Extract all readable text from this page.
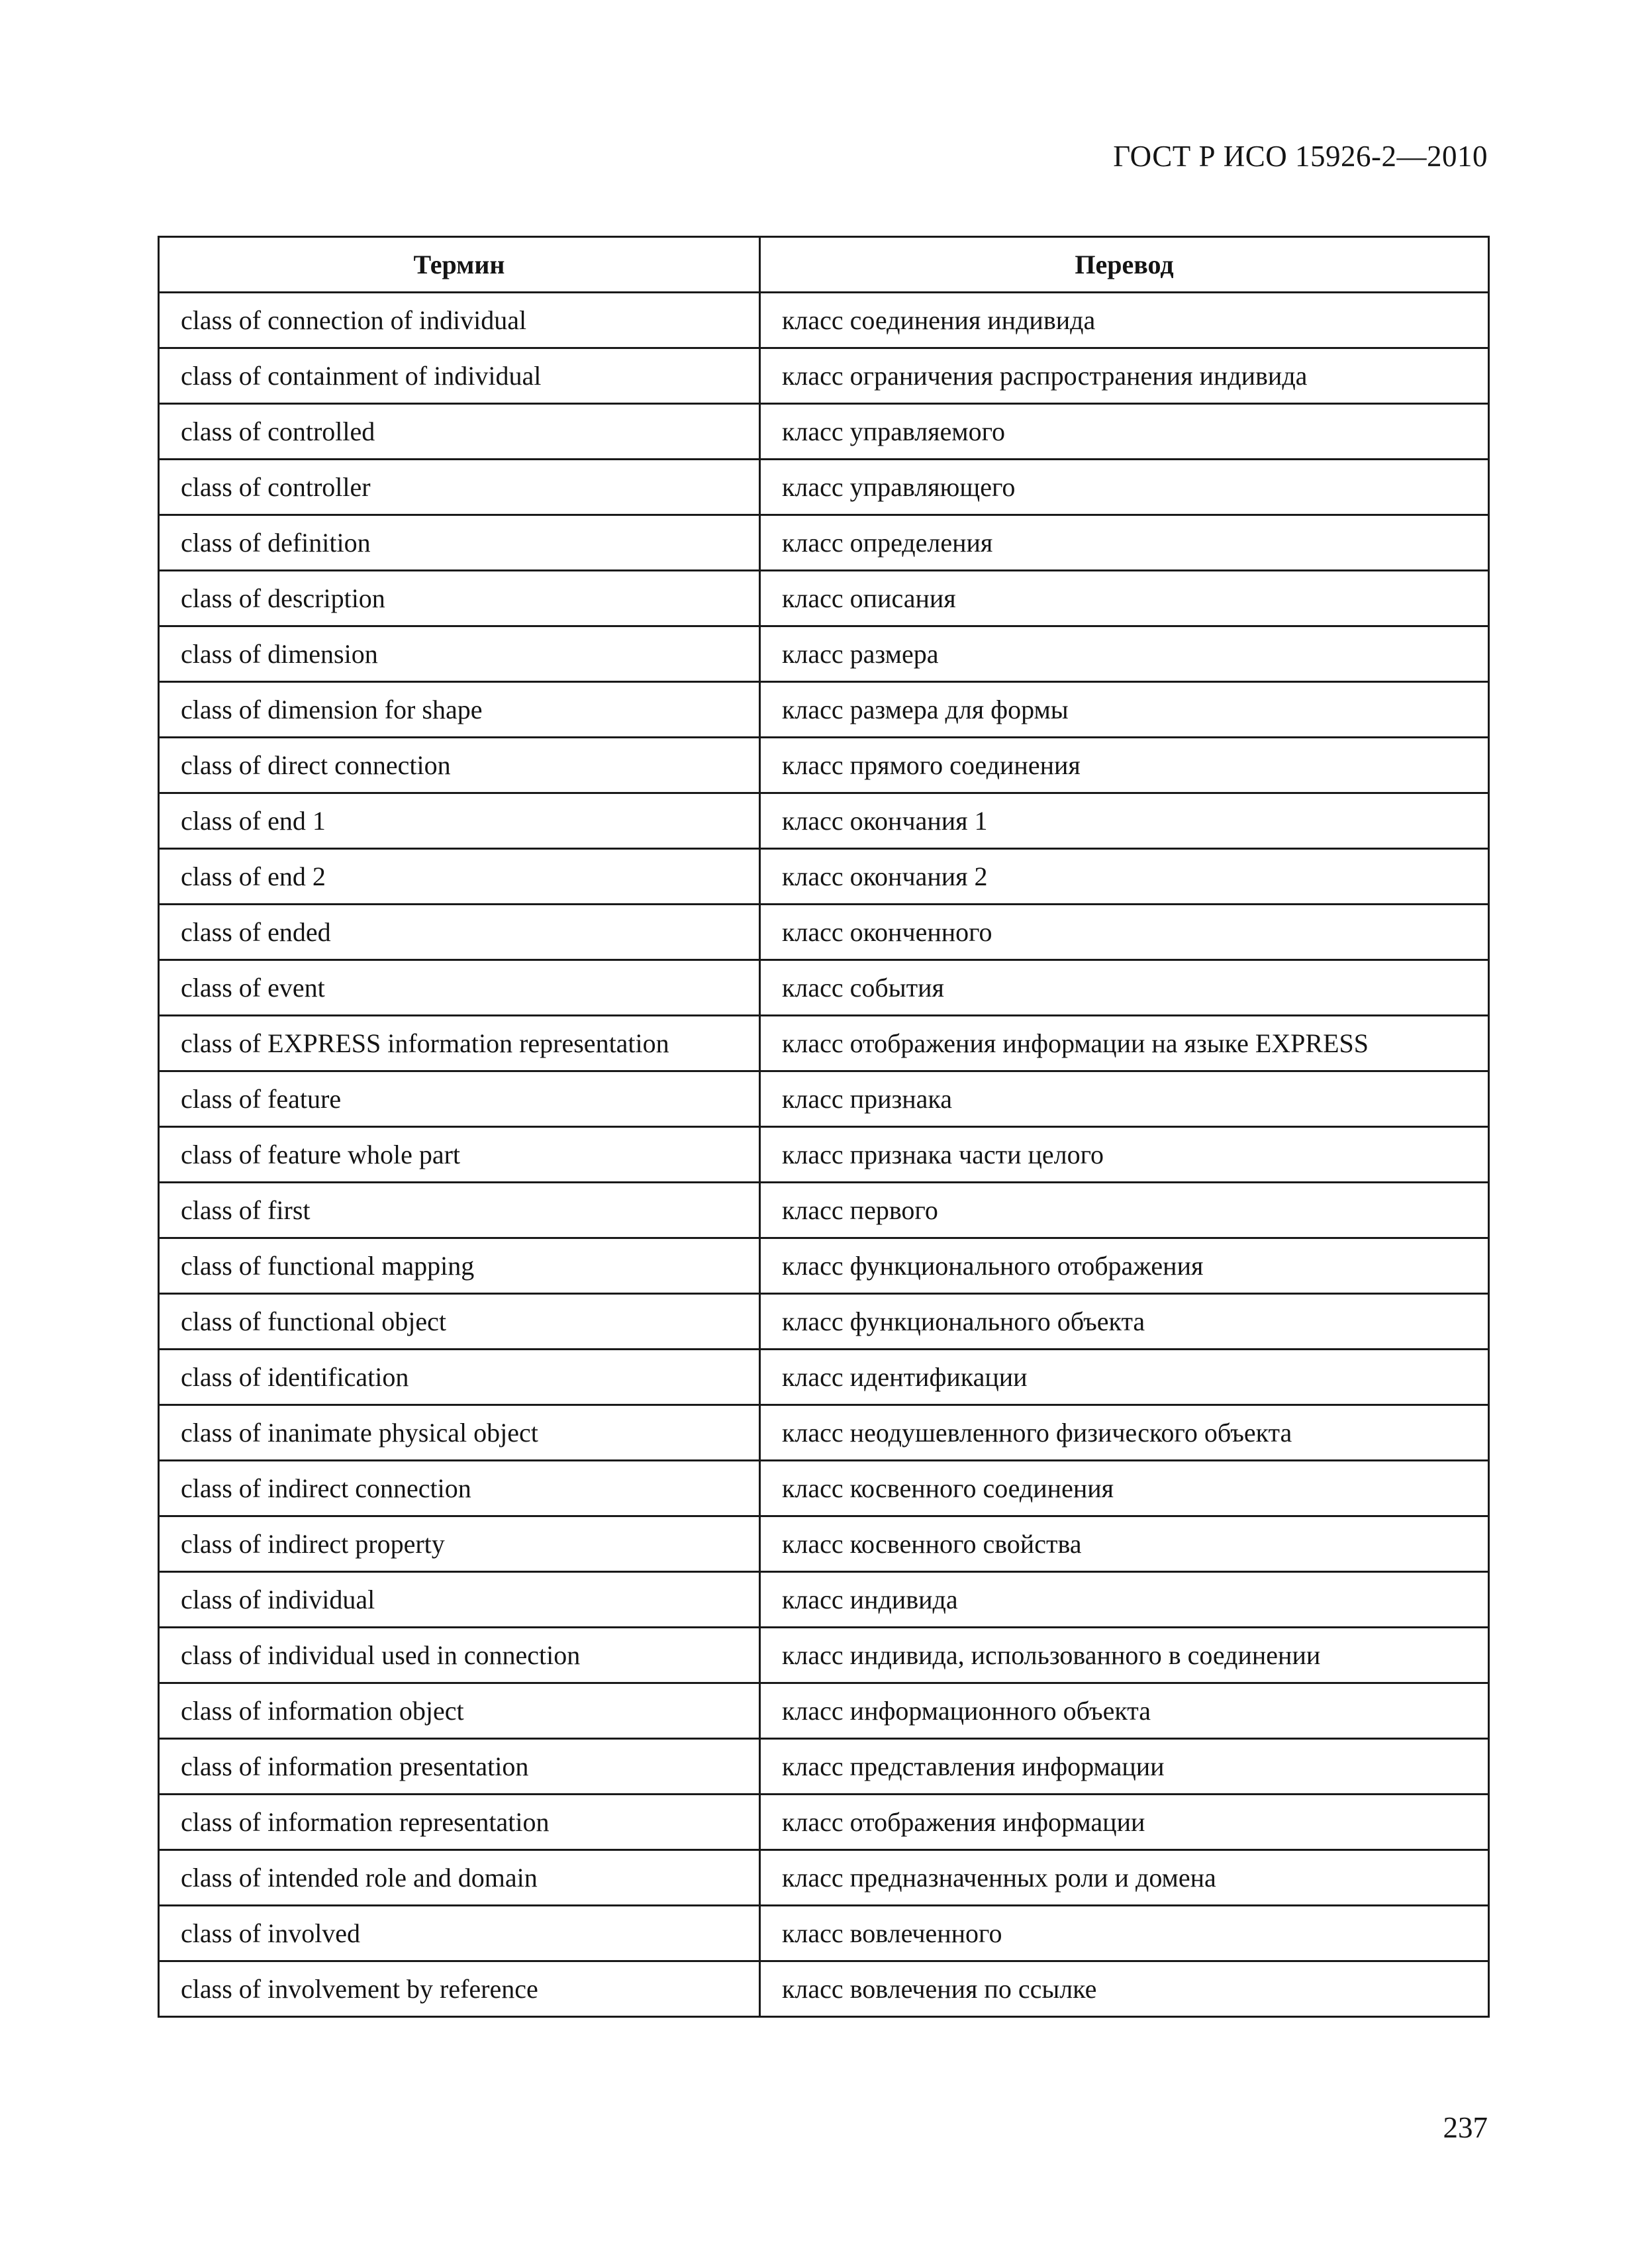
ГОСТ Р ИСО 15926-2—2010
Термин	Перевод
class of connection of individual	класс соединения индивида
class of containment of individual	класс ограничения распространения индивида
class of controlled	класс управляемого
class of controller	класс управляющего
class of definition	класс определения
class of description	класс описания
class of dimension	класс размера
class of dimension for shape	класс размера для формы
class of direct connection	класс прямого соединения
class of end 1	класс окончания 1
class of end 2	класс окончания 2
class of ended	класс оконченного
class of event	класс события
class of EXPRESS information representation	класс отображения информации на языке EXPRESS
class of feature	класс признака
class of feature whole part	класс признака части целого
class of first	класс первого
class of functional mapping	класс функционального отображения
class of functional object	класс функционального объекта
class of identification	класс идентификации
class of inanimate physical object	класс неодушевленного физического объекта
class of indirect connection	класс косвенного соединения
class of indirect property	класс косвенного свойства
class of individual	класс индивида
class of individual used in connection	класс индивида, использованного в соединении
class of information object	класс информационного объекта
class of information presentation	класс представления информации
class of information representation	класс отображения информации
class of intended role and domain	класс предназначенных роли и домена
class of involved	класс вовлеченного
class of involvement by reference	класс вовлечения по ссылке
237
